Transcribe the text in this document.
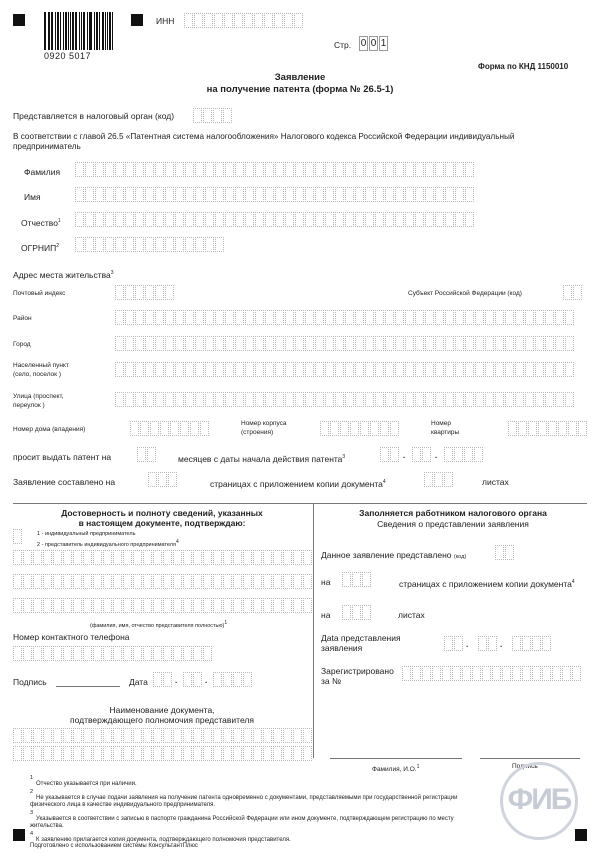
0920 5017
ИНН
Стр. 0 0 1
Форма по КНД 1150010
Заявление
на получение патента (форма № 26.5-1)
Представляется в налоговый орган (код)
В соответствии с главой 26.5 «Патентная система налогообложения» Налогового кодекса Российской Федерации индивидуальный
предприниматель
Фамилия
Имя
Отчество$^1$
ОГРНИП$^2$
Адрес места жительства$^3$
Почтовый индекс	Субъект Российской Федерации (код)
Район
Город
Населенный пункт
(село, поселок )
Улица (проспект,
переулок )
Номер дома (владения)
Номер корпуса
(строения)
Номер
квартиры
просит выдать патент на	месяцев с даты начала действия патента$^3$	.	.
Заявление составлено на	страницах с приложением копии документа$^4$	листах
Достоверность и полноту сведений, указанных
в настоящем документе, подтверждаю:
1 - индивидуальный предприниматель
2 - представитель индивидуального предпринимателя$^4$
(фамилия, имя, отчество представителя полностью)$^1$
Номер контактного телефона
Подпись	Дата	.	.
Наименование документа,
подтверждающего полномочия представителя
Заполняется работником налогового органа
Сведения о представлении заявления
Данное заявление представлено (код)
на	страницах с приложением копии документа$^4$
на	листах
Даta представления
заявления	.	.
Зарегистрировано
за №
Фамилия, И.О.$^1$	Подпись
1
Отчество указывается при наличии.
2
Не указывается в случае подачи заявления на получение патента одновременно с документами, представляемыми при государственной регистрации
физического лица в качестве индивидуального предпринимателя.
3
Указывается в соответствии с записью в паспорте гражданина Российской Федерации или ином документе, подтверждающем регистрацию по месту
жительства.
4
К заявлению прилагается копия документа, подтверждающего полномочия представителя.
Подготовлено с использованием системы КонсультантПлюс
ФИБ
